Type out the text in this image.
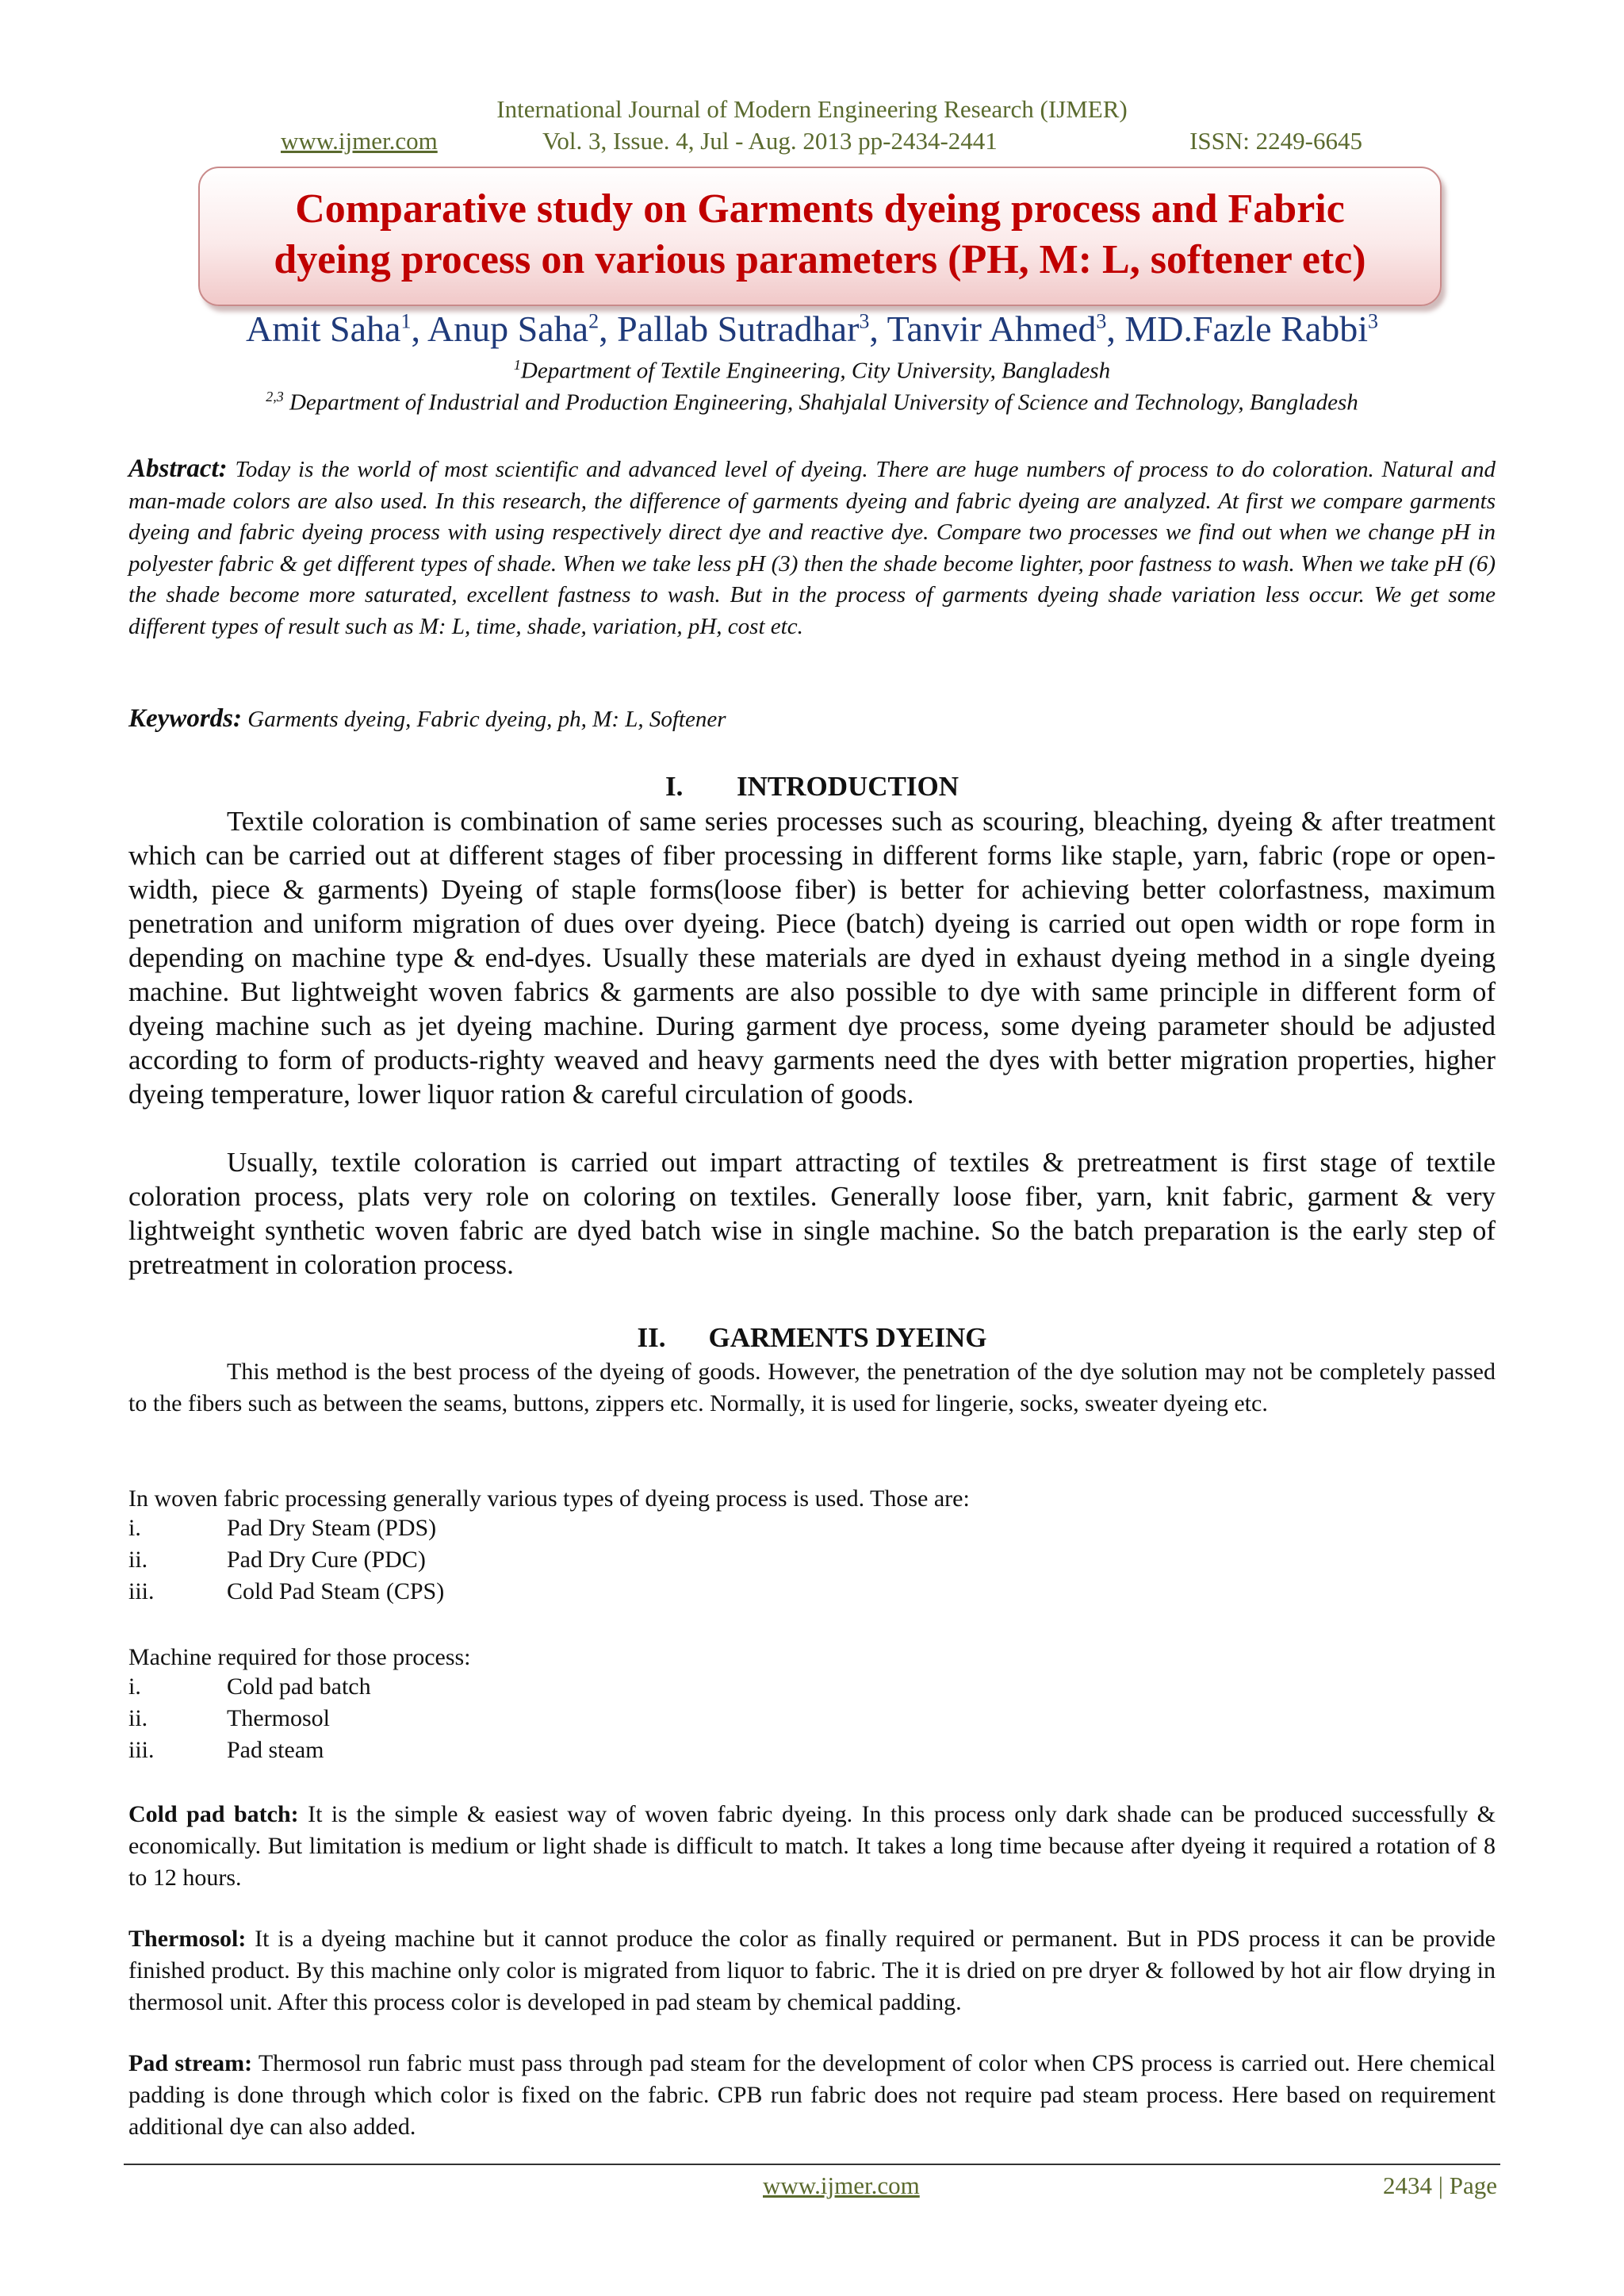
International Journal of Modern Engineering Research (IJMER)
www.ijmer.com	Vol. 3, Issue. 4, Jul - Aug. 2013 pp-2434-2441	ISSN: 2249-6645
Comparative study on Garments dyeing process and Fabric
dyeing process on various parameters (PH, M: L, softener etc)
Amit Saha$^1$, Anup Saha$^2$, Pallab Sutradhar$^3$, Tanvir Ahmed$^3$, MD.Fazle Rabbi$^3$
$^1$Department of Textile Engineering, City University, Bangladesh
$^{2,3}$ Department of Industrial and Production Engineering, Shahjalal University of Science and Technology, Bangladesh
Abstract: Today is the world of most scientific and advanced level of dyeing. There are huge numbers of process to do coloration. Natural and man-made colors are also used. In this research, the difference of garments dyeing and fabric dyeing are analyzed. At first we compare garments dyeing and fabric dyeing process with using respectively direct dye and reactive dye. Compare two processes we find out when we change pH in polyester fabric & get different types of shade. When we take less pH (3) then the shade become lighter, poor fastness to wash. When we take pH (6) the shade become more saturated, excellent fastness to wash. But in the process of garments dyeing shade variation less occur. We get some different types of result such as M: L, time, shade, variation, pH, cost etc.
Keywords: Garments dyeing, Fabric dyeing, ph, M: L, Softener
I. INTRODUCTION
Textile coloration is combination of same series processes such as scouring, bleaching, dyeing & after treatment which can be carried out at different stages of fiber processing in different forms like staple, yarn, fabric (rope or open-width, piece & garments) Dyeing of staple forms(loose fiber) is better for achieving better colorfastness, maximum penetration and uniform migration of dues over dyeing. Piece (batch) dyeing is carried out open width or rope form in depending on machine type & end-dyes. Usually these materials are dyed in exhaust dyeing method in a single dyeing machine. But lightweight woven fabrics & garments are also possible to dye with same principle in different form of dyeing machine such as jet dyeing machine. During garment dye process, some dyeing parameter should be adjusted according to form of products-righty weaved and heavy garments need the dyes with better migration properties, higher dyeing temperature, lower liquor ration & careful circulation of goods.
Usually, textile coloration is carried out impart attracting of textiles & pretreatment is first stage of textile coloration process, plats very role on coloring on textiles. Generally loose fiber, yarn, knit fabric, garment & very lightweight synthetic woven fabric are dyed batch wise in single machine. So the batch preparation is the early step of pretreatment in coloration process.
II. GARMENTS DYEING
This method is the best process of the dyeing of goods. However, the penetration of the dye solution may not be completely passed to the fibers such as between the seams, buttons, zippers etc. Normally, it is used for lingerie, socks, sweater dyeing etc.
In woven fabric processing generally various types of dyeing process is used. Those are:
i.	Pad Dry Steam (PDS)
ii.	Pad Dry Cure (PDC)
iii.	Cold Pad Steam (CPS)
Machine required for those process:
i.	Cold pad batch
ii.	Thermosol
iii.	Pad steam
Cold pad batch: It is the simple & easiest way of woven fabric dyeing. In this process only dark shade can be produced successfully & economically. But limitation is medium or light shade is difficult to match. It takes a long time because after dyeing it required a rotation of 8 to 12 hours.
Thermosol: It is a dyeing machine but it cannot produce the color as finally required or permanent. But in PDS process it can be provide finished product. By this machine only color is migrated from liquor to fabric. The it is dried on pre dryer & followed by hot air flow drying in thermosol unit. After this process color is developed in pad steam by chemical padding.
Pad stream: Thermosol run fabric must pass through pad steam for the development of color when CPS process is carried out. Here chemical padding is done through which color is fixed on the fabric. CPB run fabric does not require pad steam process. Here based on requirement additional dye can also added.
www.ijmer.com	2434 | Page
